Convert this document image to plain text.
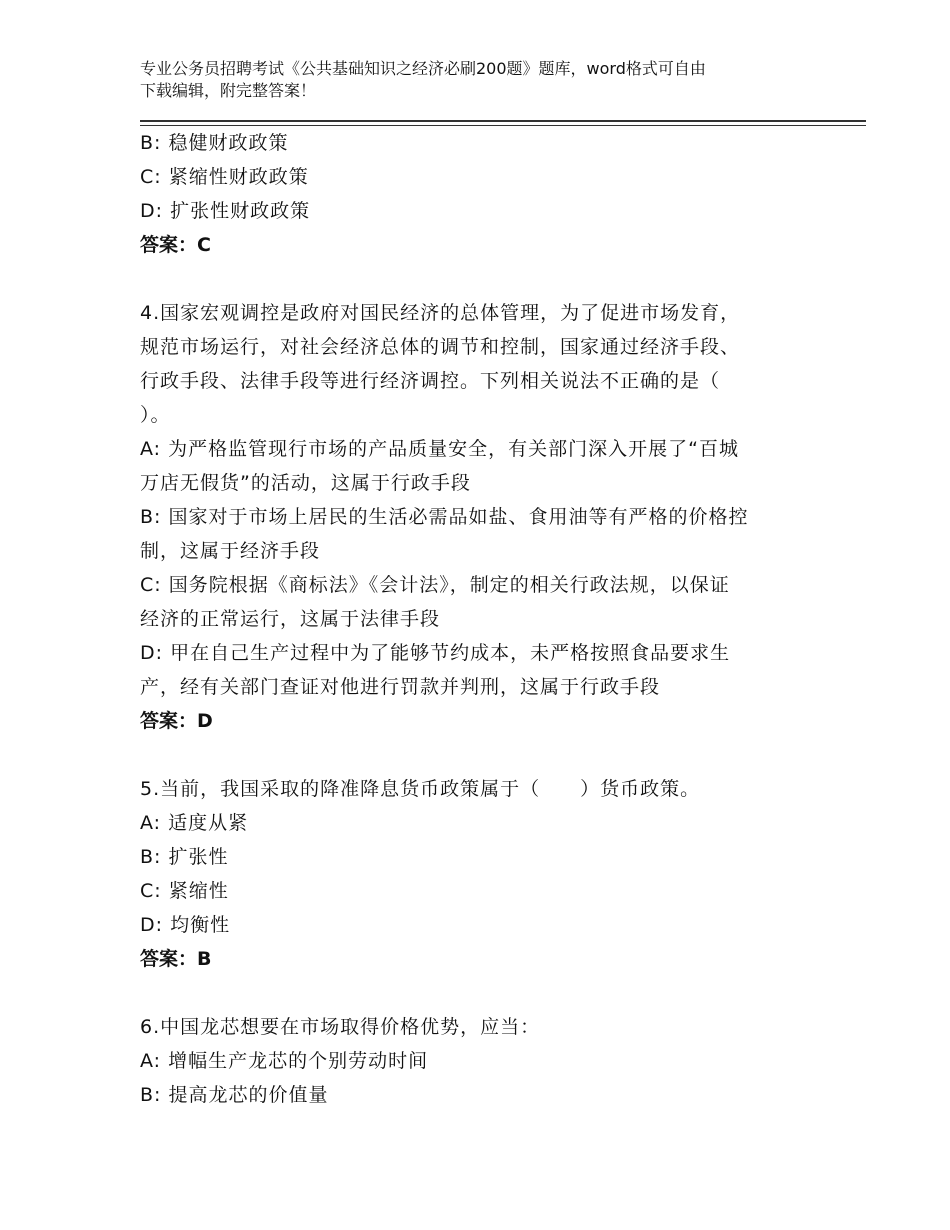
专业公务员招聘考试《公共基础知识之经济必刷200题》题库，word格式可自由
下载编辑，附完整答案！
B: 稳健财政政策
C: 紧缩性财政政策
D: 扩张性财政政策
答案：C
4.国家宏观调控是政府对国民经济的总体管理，为了促进市场发育，
规范市场运行，对社会经济总体的调节和控制，国家通过经济手段、
行政手段、法律手段等进行经济调控。下列相关说法不正确的是（
）。
A: 为严格监管现行市场的产品质量安全，有关部门深入开展了“百城
万店无假货”的活动，这属于行政手段
B: 国家对于市场上居民的生活必需品如盐、食用油等有严格的价格控
制，这属于经济手段
C: 国务院根据《商标法》《会计法》，制定的相关行政法规，以保证
经济的正常运行，这属于法律手段
D: 甲在自己生产过程中为了能够节约成本，未严格按照食品要求生
产，经有关部门查证对他进行罚款并判刑，这属于行政手段
答案：D
5.当前，我国采取的降准降息货币政策属于（　　）货币政策。
A: 适度从紧
B: 扩张性
C: 紧缩性
D: 均衡性
答案：B
6.中国龙芯想要在市场取得价格优势，应当：
A: 增幅生产龙芯的个别劳动时间
B: 提高龙芯的价值量
